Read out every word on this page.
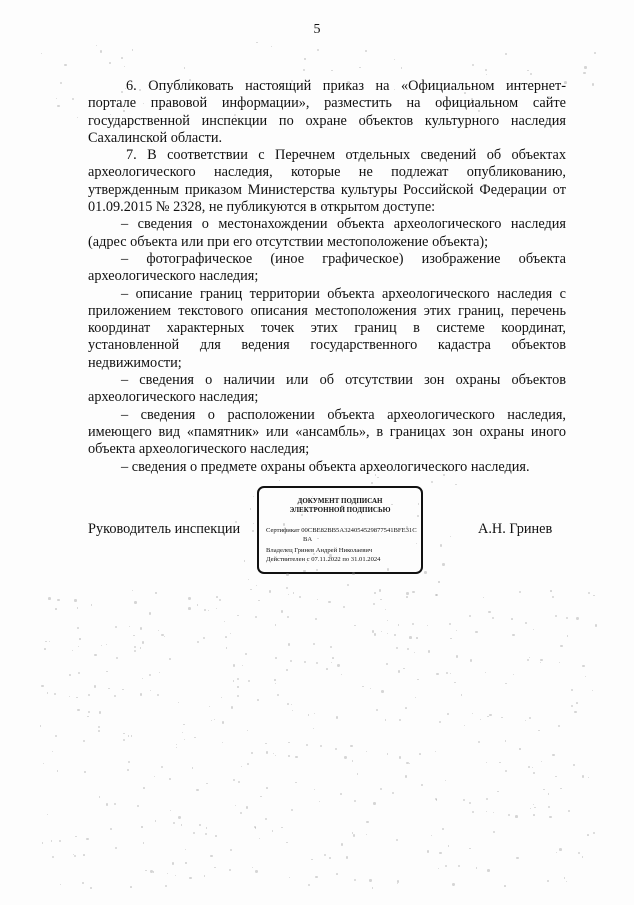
5

6. Опубликовать настоящий приказ на «Официальном интернет-портале правовой информации», разместить на официальном сайте государственной инспекции по охране объектов культурного наследия Сахалинской области.

7. В соответствии с Перечнем отдельных сведений об объектах археологического наследия, которые не подлежат опубликованию, утвержденным приказом Министерства культуры Российской Федерации от 01.09.2015 № 2328, не публикуются в открытом доступе:

– сведения о местонахождении объекта археологического наследия (адрес объекта или при его отсутствии местоположение объекта);

– фотографическое (иное графическое) изображение объекта археологического наследия;

– описание границ территории объекта археологического наследия с приложением текстового описания местоположения этих границ, перечень координат характерных точек этих границ в системе координат, установленной для ведения государственного кадастра объектов недвижимости;

– сведения о наличии или об отсутствии зон охраны объектов археологического наследия;

– сведения о расположении объекта археологического наследия, имеющего вид «памятник» или «ансамбль», в границах зон охраны иного объекта археологического наследия;

– сведения о предмете охраны объекта археологического наследия.

Руководитель инспекции	А.Н. Гринев
ДОКУМЕНТ ПОДПИСАН
ЭЛЕКТРОННОЙ ПОДПИСЬЮ
Сертификат 00CBE82BB5A324054529877541BFE31C
BA
Владелец Гринев Андрей Николаевич
Действителен с 07.11.2022 по 31.01.2024
